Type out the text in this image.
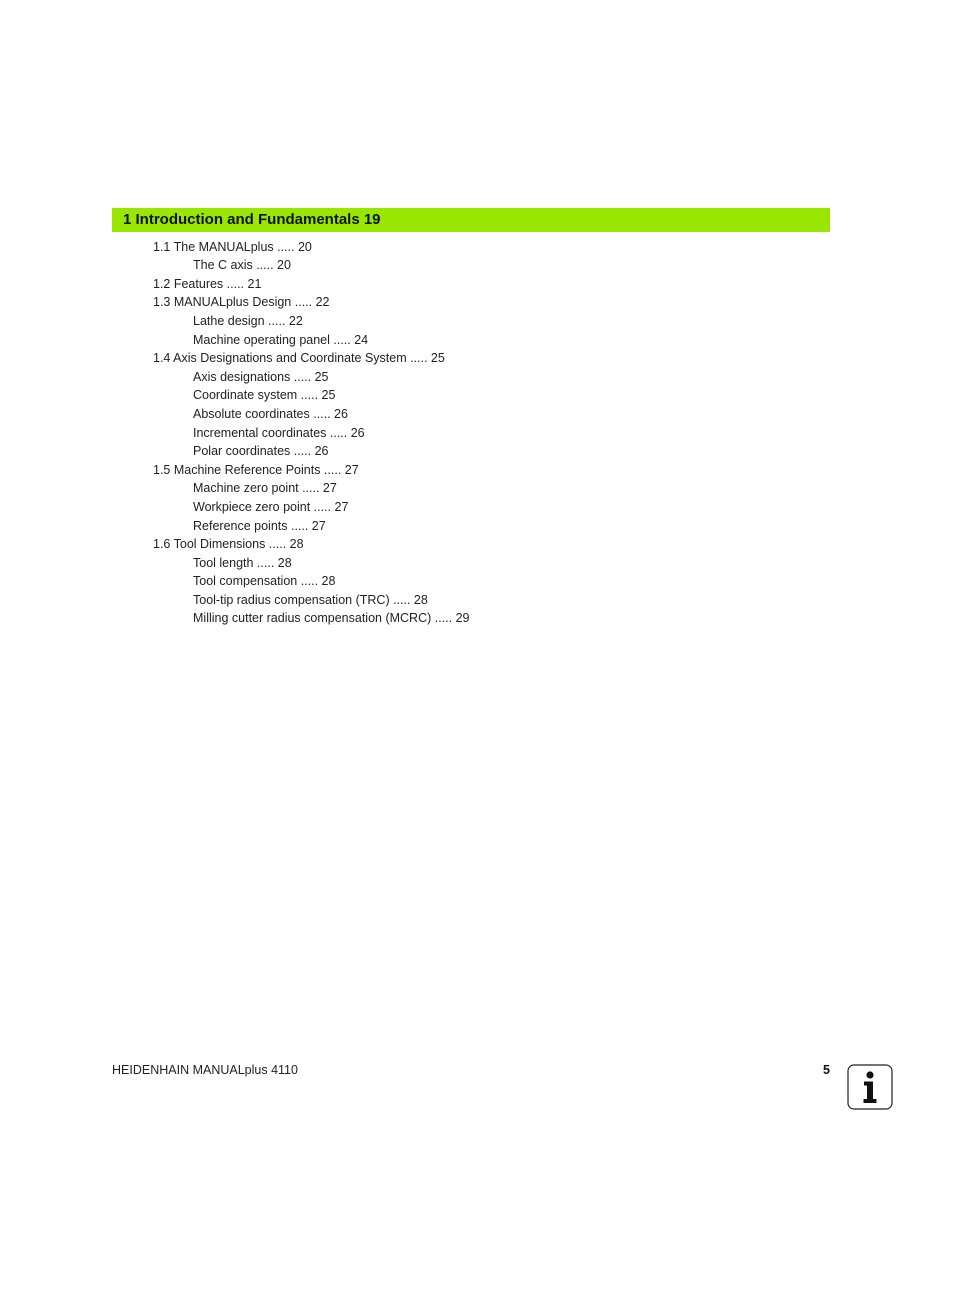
1 Introduction and Fundamentals 19
1.1 The MANUALplus ..... 20
The C axis ..... 20
1.2 Features ..... 21
1.3 MANUALplus Design ..... 22
Lathe design ..... 22
Machine operating panel ..... 24
1.4 Axis Designations and Coordinate System ..... 25
Axis designations ..... 25
Coordinate system ..... 25
Absolute coordinates ..... 26
Incremental coordinates ..... 26
Polar coordinates ..... 26
1.5 Machine Reference Points ..... 27
Machine zero point ..... 27
Workpiece zero point ..... 27
Reference points ..... 27
1.6 Tool Dimensions ..... 28
Tool length ..... 28
Tool compensation ..... 28
Tool-tip radius compensation (TRC) ..... 28
Milling cutter radius compensation (MCRC) ..... 29
HEIDENHAIN MANUALplus 4110	5
